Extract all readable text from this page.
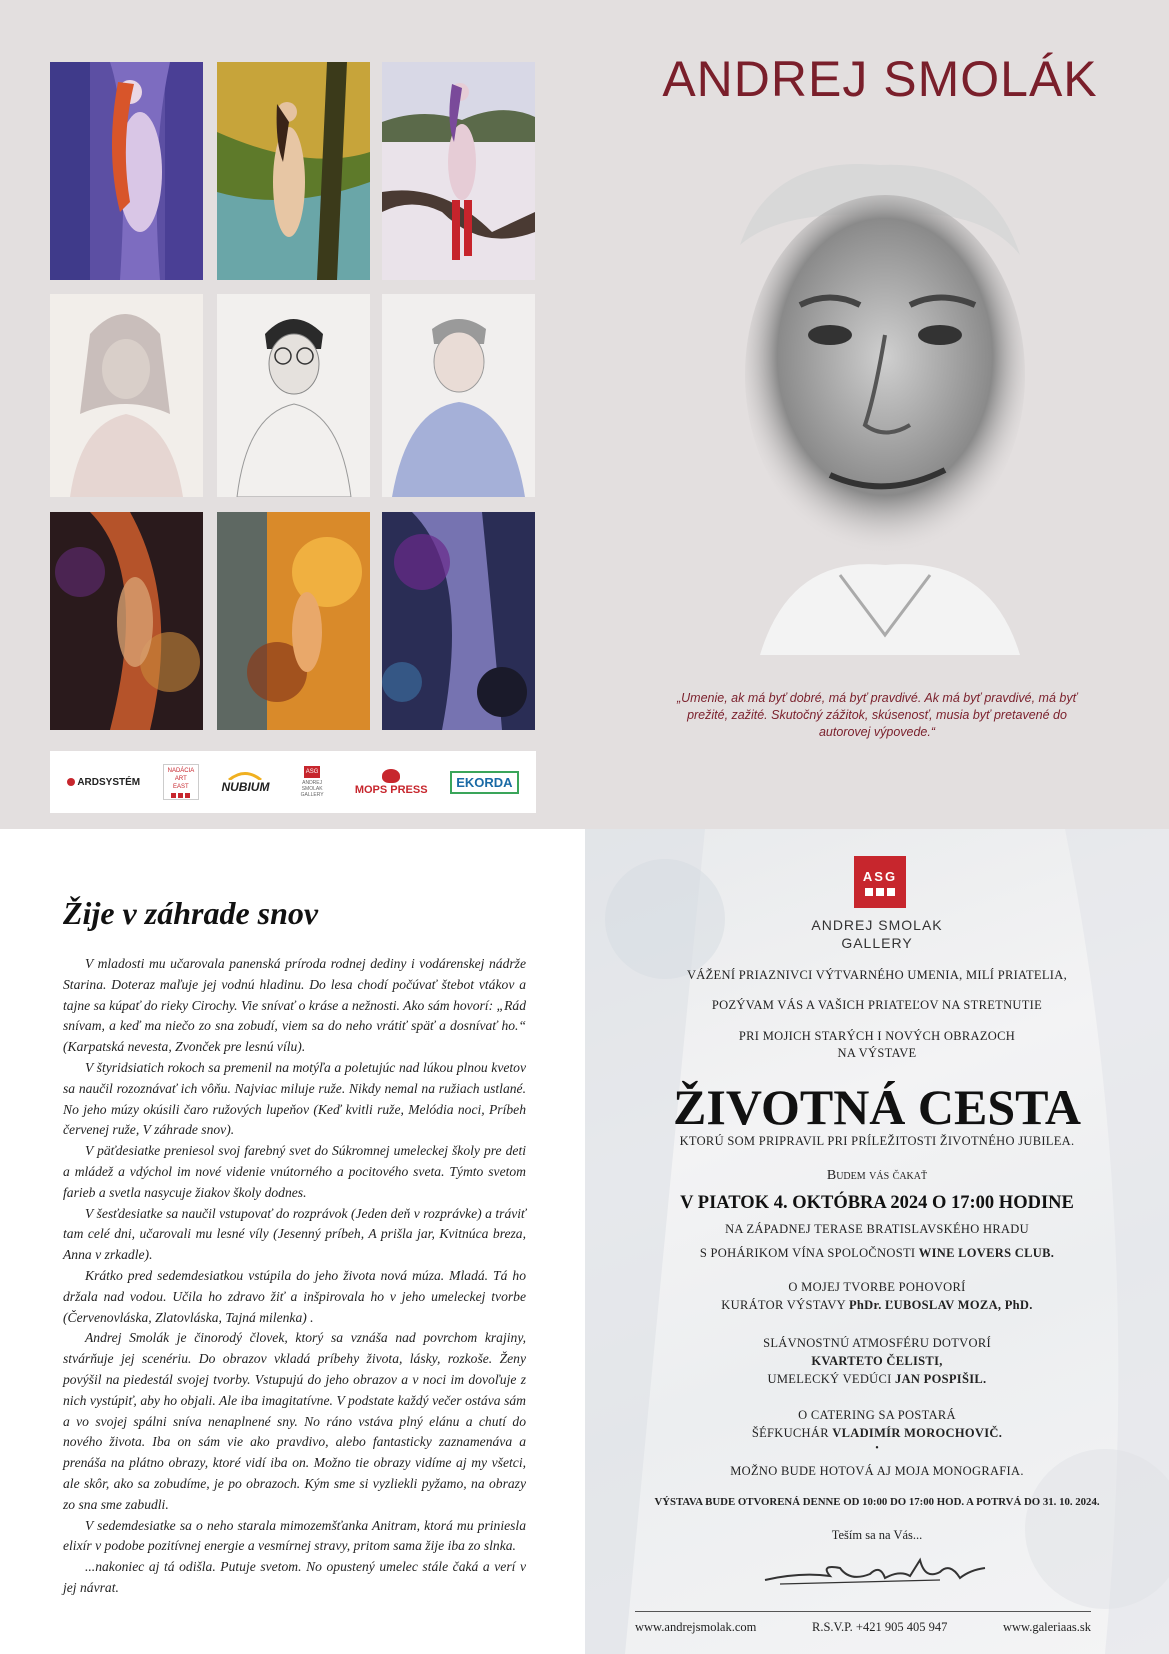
ARDSYSTÉM
NADÁCIA ART EAST	NUBIUM
ASG
ANDREJ SMOLAK GALLERY	MOPS PRESS EKORDA
ANDREJ SMOLÁK

„Umenie, ak má byť dobré, má byť pravdivé. Ak má byť pravdivé, má byť prežité, zažité. Skutočný zážitok, skúsenosť, musia byť pretavené do autorovej výpovede.“

Žije v záhrade snov

V mladosti mu učarovala panenská príroda rodnej dediny i vodárenskej nádrže Starina. Doteraz maľuje jej vodnú hladinu. Do lesa chodí počúvať štebot vtákov a tajne sa kúpať do rieky Cirochy. Vie snívať o kráse a nežnosti. Ako sám hovorí: „Rád snívam, a keď ma niečo zo sna zobudí, viem sa do neho vrátiť späť a dosnívať ho.“ (Karpatská nevesta, Zvonček pre lesnú vílu).

V štyridsiatich rokoch sa premenil na motýľa a poletujúc nad lúkou plnou kvetov sa naučil rozoznávať ich vôňu. Najviac miluje ruže. Nikdy nemal na ružiach ustlané. No jeho múzy okúsili čaro ružových lupeňov (Keď kvitli ruže, Melódia noci, Príbeh červenej ruže, V záhrade snov).

V päťdesiatke preniesol svoj farebný svet do Súkromnej umeleckej školy pre deti a mládež a vdýchol im nové videnie vnútorného a pocitového sveta. Týmto svetom farieb a svetla nasycuje žiakov školy dodnes.

V šesťdesiatke sa naučil vstupovať do rozprávok (Jeden deň v rozprávke) a tráviť tam celé dni, učarovali mu lesné víly (Jesenný príbeh, A prišla jar, Kvitnúca breza, Anna v zrkadle).

Krátko pred sedemdesiatkou vstúpila do jeho života nová múza. Mladá. Tá ho držala nad vodou. Učila ho zdravo žiť a inšpirovala ho v jeho umeleckej tvorbe (Červenovláska, Zlatovláska, Tajná milenka) .

Andrej Smolák je činorodý človek, ktorý sa vznáša nad povrchom krajiny, stvárňuje jej scenériu. Do obrazov vkladá príbehy života, lásky, rozkoše. Ženy povýšil na piedestál svojej tvorby. Vstupujú do jeho obrazov a v noci im dovoľuje z nich vystúpiť, aby ho objali. Ale iba imagitatívne. V podstate každý večer ostáva sám a vo svojej spálni sníva nenaplnené sny. No ráno vstáva plný elánu a chutí do nového života. Iba on sám vie ako pravdivo, alebo fantasticky zaznamenáva a prenáša na plátno obrazy, ktoré vidí iba on. Možno tie obrazy vidíme aj my všetci, ale skôr, ako sa zobudíme, je po obrazoch. Kým sme si vyzliekli pyžamo, na obrazy zo sna sme zabudli.

V sedemdesiatke sa o neho starala mimozemšťanka Anitram, ktorá mu priniesla elixír v podobe pozitívnej energie a vesmírnej stravy, pritom sama žije iba zo slnka.

...nakoniec aj tá odišla. Putuje svetom. No opustený umelec stále čaká a verí v jej návrat.

ASG
ANDREJ SMOLAK
GALLERY
VÁŽENÍ PRIAZNIVCI VÝTVARNÉHO UMENIA, MILÍ PRIATELIA,
POZÝVAM VÁS A VAŠICH PRIATEĽOV NA STRETNUTIE
PRI MOJICH STARÝCH I NOVÝCH OBRAZOCH
NA VÝSTAVE
ŽIVOTNÁ CESTA
KTORÚ SOM PRIPRAVIL PRI PRÍLEŽITOSTI ŽIVOTNÉHO JUBILEA.
Budem vás čakať
V PIATOK 4. OKTÓBRA 2024 O 17:00 HODINE
NA ZÁPADNEJ TERASE BRATISLAVSKÉHO HRADU
S POHÁRIKOM VÍNA SPOLOČNOSTI WINE LOVERS CLUB.
O MOJEJ TVORBE POHOVORÍ
KURÁTOR VÝSTAVY PhDr. ĽUBOSLAV MOZA, PhD.
SLÁVNOSTNÚ ATMOSFÉRU DOTVORÍ
KVARTETO ČELISTI,
UMELECKÝ VEDÚCI JAN POSPIŠIL.
O CATERING SA POSTARÁ
ŠÉFKUCHÁR VLADIMÍR MOROCHOVIČ.
•
MOŽNO BUDE HOTOVÁ AJ MOJA MONOGRAFIA.
VÝSTAVA BUDE OTVORENÁ DENNE OD 10:00 DO 17:00 HOD. A POTRVÁ DO 31. 10. 2024.
Teším sa na Vás...
www.andrejsmolak.com	R.S.V.P. +421 905 405 947	www.galeriaas.sk
